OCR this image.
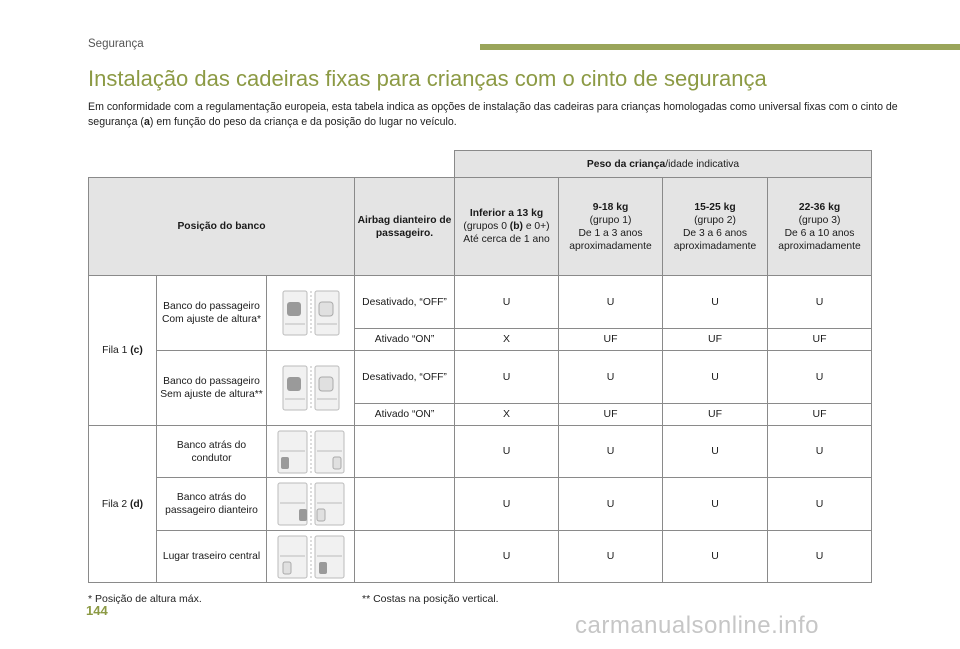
Segurança
Instalação das cadeiras fixas para crianças com o cinto de segurança
Em conformidade com a regulamentação europeia, esta tabela indica as opções de instalação das cadeiras para crianças homologadas como universal fixas com o cinto de segurança (a) em função do peso da criança e da posição do lugar no veículo.
				Peso da criança/idade indicativa			
Posição do banco			Airbag dianteiro de passageiro.	Inferior a 13 kg
(grupos 0 (b) e 0+)
Até cerca de 1 ano	9-18 kg
(grupo 1)
De 1 a 3 anos
aproximadamente	15-25 kg
(grupo 2)
De 3 a 6 anos
aproximadamente	22-36 kg
(grupo 3)
De 6 a 10 anos
aproximadamente
Fila 1 (c)	Banco do passageiro Com ajuste de altura*		Desativado, “OFF”	U	U	U	U
			Ativado “ON”	X	UF	UF	UF
	Banco do passageiro Sem ajuste de altura**		Desativado, “OFF”	U	U	U	U
			Ativado “ON”	X	UF	UF	UF
Fila 2 (d)	Banco atrás do condutor			U	U	U	U
	Banco atrás do passageiro dianteiro			U	U	U	U
	Lugar traseiro central			U	U	U	U
* Posição de altura máx.	** Costas na posição vertical.
144
carmanualsonline.info
